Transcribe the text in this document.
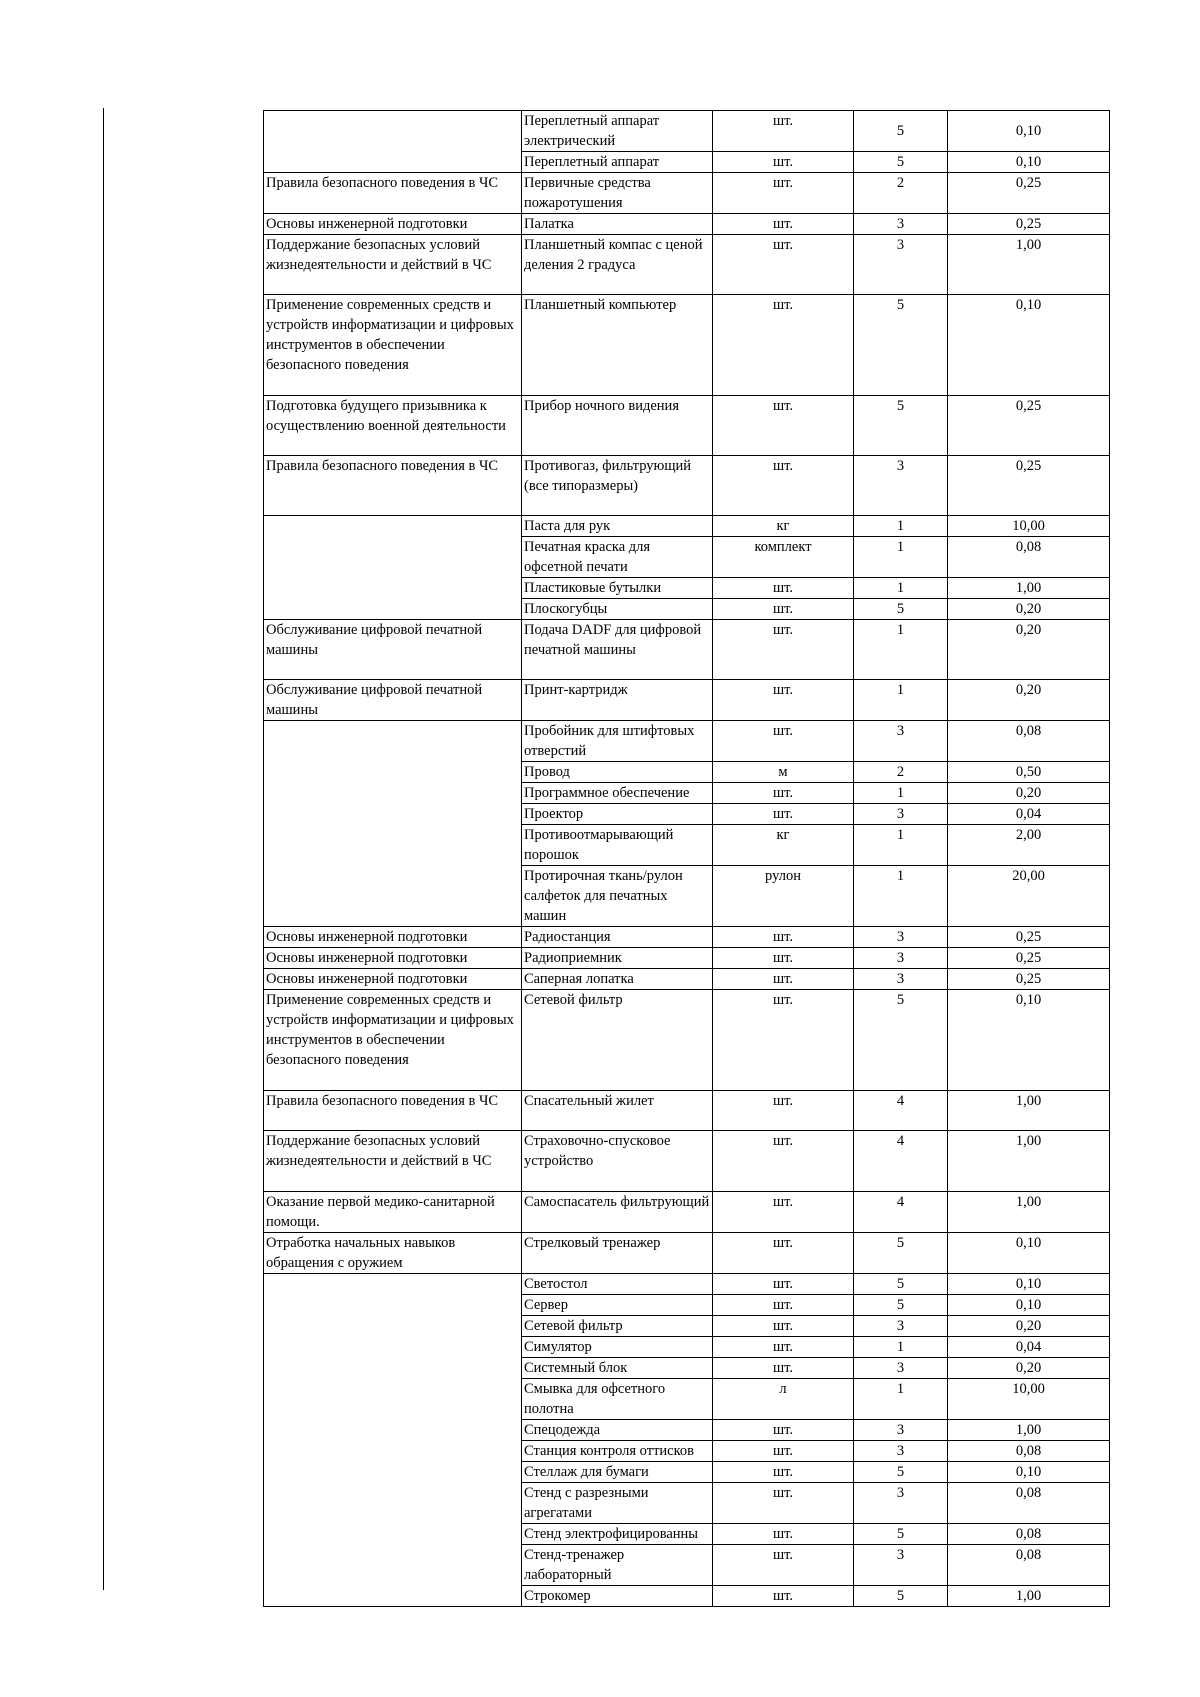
	Переплетный аппарат электрический	шт.	5	0,10
	Переплетный аппарат	шт.	5	0,10
Правила безопасного поведения в ЧС	Первичные средства пожаротушения	шт.	2	0,25
Основы инженерной подготовки	Палатка	шт.	3	0,25
Поддержание безопасных условий жизнедеятельности и действий в ЧС	Планшетный компас с ценой деления 2 градуса	шт.	3	1,00
Применение современных средств и устройств информатизации и цифровых инструментов в обеспечении безопасного поведения	Планшетный компьютер	шт.	5	0,10
Подготовка будущего призывника к осуществлению военной деятельности	Прибор ночного видения	шт.	5	0,25
Правила безопасного поведения в ЧС	Противогаз, фильтрующий (все типоразмеры)	шт.	3	0,25
	Паста для рук	кг	1	10,00
	Печатная краска для офсетной печати	комплект	1	0,08
	Пластиковые бутылки	шт.	1	1,00
	Плоскогубцы	шт.	5	0,20
Обслуживание цифровой печатной машины	Подача DADF для цифровой печатной машины	шт.	1	0,20
Обслуживание цифровой печатной машины	Принт-картридж	шт.	1	0,20
	Пробойник для штифтовых отверстий	шт.	3	0,08
	Провод	м	2	0,50
	Программное обеспечение	шт.	1	0,20
	Проектор	шт.	3	0,04
	Противоотмарывающий порошок	кг	1	2,00
	Протирочная ткань/рулон салфеток для печатных машин	рулон	1	20,00
Основы инженерной подготовки	Радиостанция	шт.	3	0,25
Основы инженерной подготовки	Радиоприемник	шт.	3	0,25
Основы инженерной подготовки	Саперная лопатка	шт.	3	0,25
Применение современных средств и устройств информатизации и цифровых инструментов в обеспечении безопасного поведения	Сетевой фильтр	шт.	5	0,10
Правила безопасного поведения в ЧС	Спасательный жилет	шт.	4	1,00
Поддержание безопасных условий жизнедеятельности и действий в ЧС	Страховочно-спусковое устройство	шт.	4	1,00
Оказание первой медико-санитарной помощи.	Самоспасатель фильтрующий	шт.	4	1,00
Отработка начальных навыков обращения с оружием	Стрелковый тренажер	шт.	5	0,10
	Светостол	шт.	5	0,10
	Сервер	шт.	5	0,10
	Сетевой фильтр	шт.	3	0,20
	Симулятор	шт.	1	0,04
	Системный блок	шт.	3	0,20
	Смывка для офсетного полотна	л	1	10,00
	Спецодежда	шт.	3	1,00
	Станция контроля оттисков	шт.	3	0,08
	Стеллаж для бумаги	шт.	5	0,10
	Стенд с разрезными агрегатами	шт.	3	0,08
	Стенд электрофицированны	шт.	5	0,08
	Стенд-тренажер лабораторный	шт.	3	0,08
	Строкомер	шт.	5	1,00
